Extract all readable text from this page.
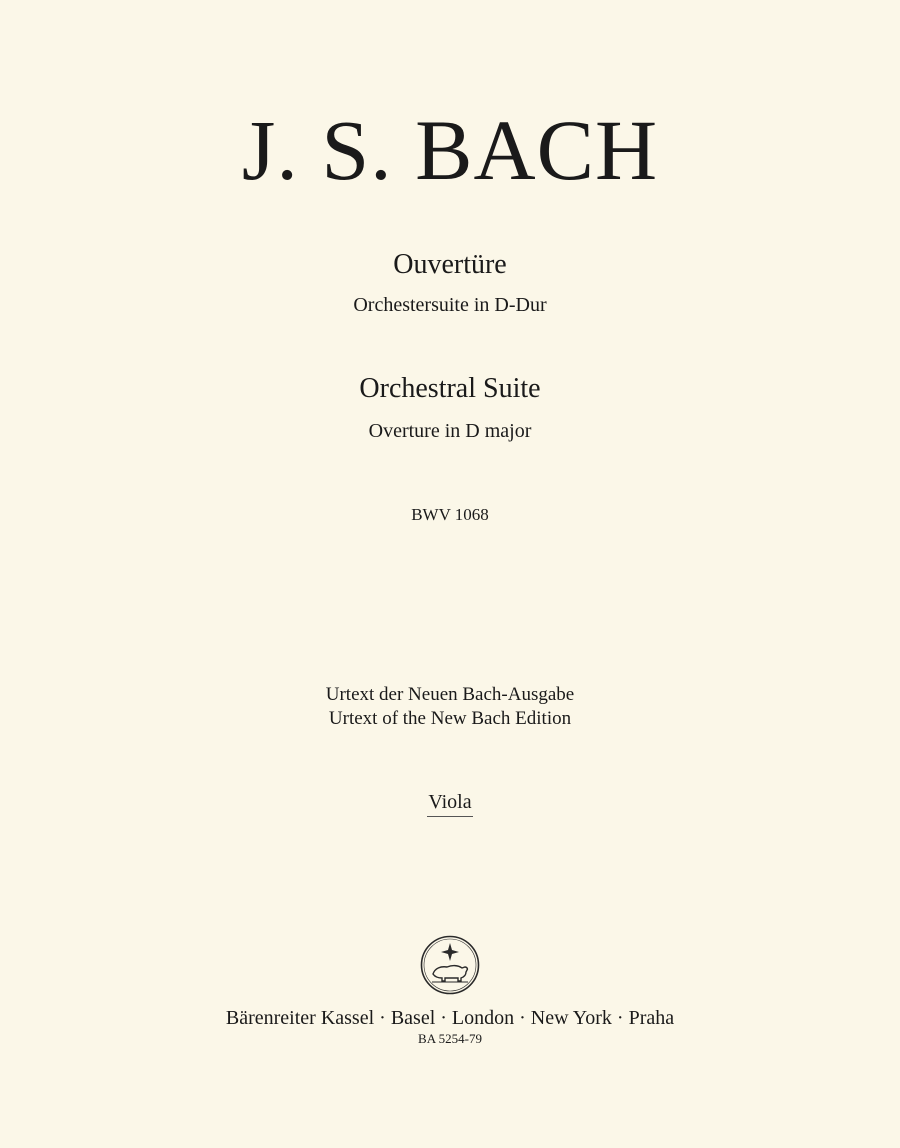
J. S. BACH
Ouvertüre
Orchestersuite in D-Dur
Orchestral Suite
Overture in D major
BWV 1068
Urtext der Neuen Bach-Ausgabe
Urtext of the New Bach Edition
Viola
Bärenreiter Kassel · Basel · London · New York · Praha
BA 5254-79
